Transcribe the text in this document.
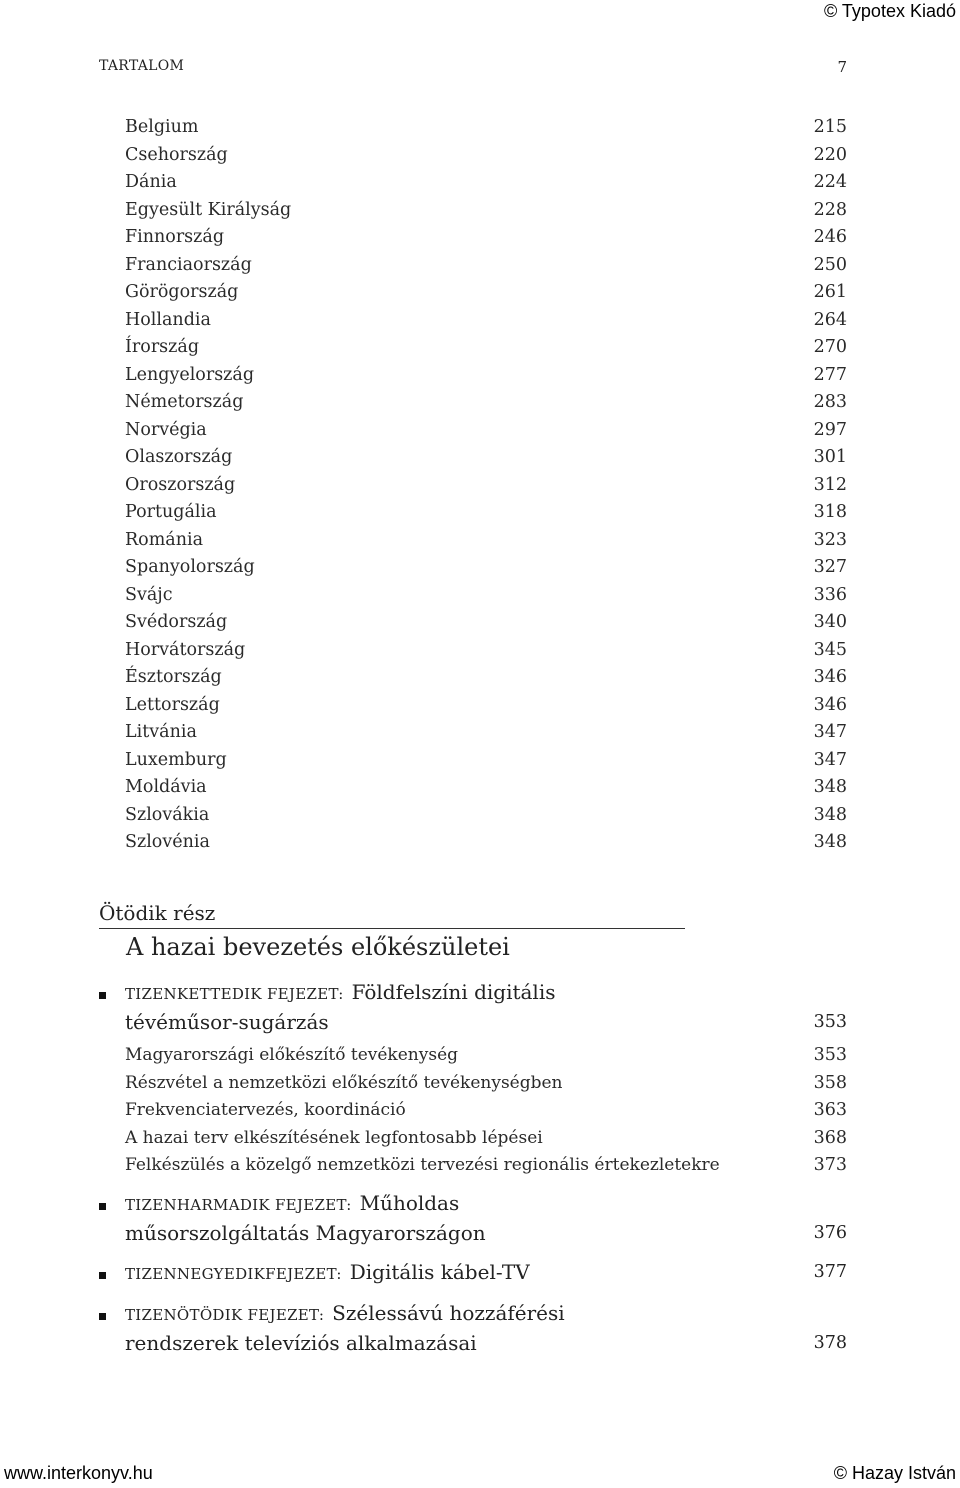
© Typotex Kiadó
TARTALOM	7
Belgium	215
Csehország	220
Dánia	224
Egyesült Királyság	228
Finnország	246
Franciaország	250
Görögország	261
Hollandia	264
Írország	270
Lengyelország	277
Németország	283
Norvégia	297
Olaszország	301
Oroszország	312
Portugália	318
Románia	323
Spanyolország	327
Svájc	336
Svédország	340
Horvátország	345
Észtország	346
Lettország	346
Litvánia	347
Luxemburg	347
Moldávia	348
Szlovákia	348
Szlovénia	348
Ötödik rész
A hazai bevezetés előkészületei
TIZENKETTEDIK FEJEZET: Földfelszíni digitális
tévéműsor-sugárzás	353
Magyarországi előkészítő tevékenység	353
Részvétel a nemzetközi előkészítő tevékenységben	358
Frekvenciatervezés, koordináció	363
A hazai terv elkészítésének legfontosabb lépései	368
Felkészülés a közelgő nemzetközi tervezési regionális értekezletekre	373
TIZENHARMADIK FEJEZET: Műholdas
műsorszolgáltatás Magyarországon	376
TIZENNEGYEDIKFEJEZET: Digitális kábel-TV	377
TIZENÖTÖDIK FEJEZET: Szélessávú hozzáférési
rendszerek televíziós alkalmazásai	378
www.interkonyv.hu	© Hazay István
